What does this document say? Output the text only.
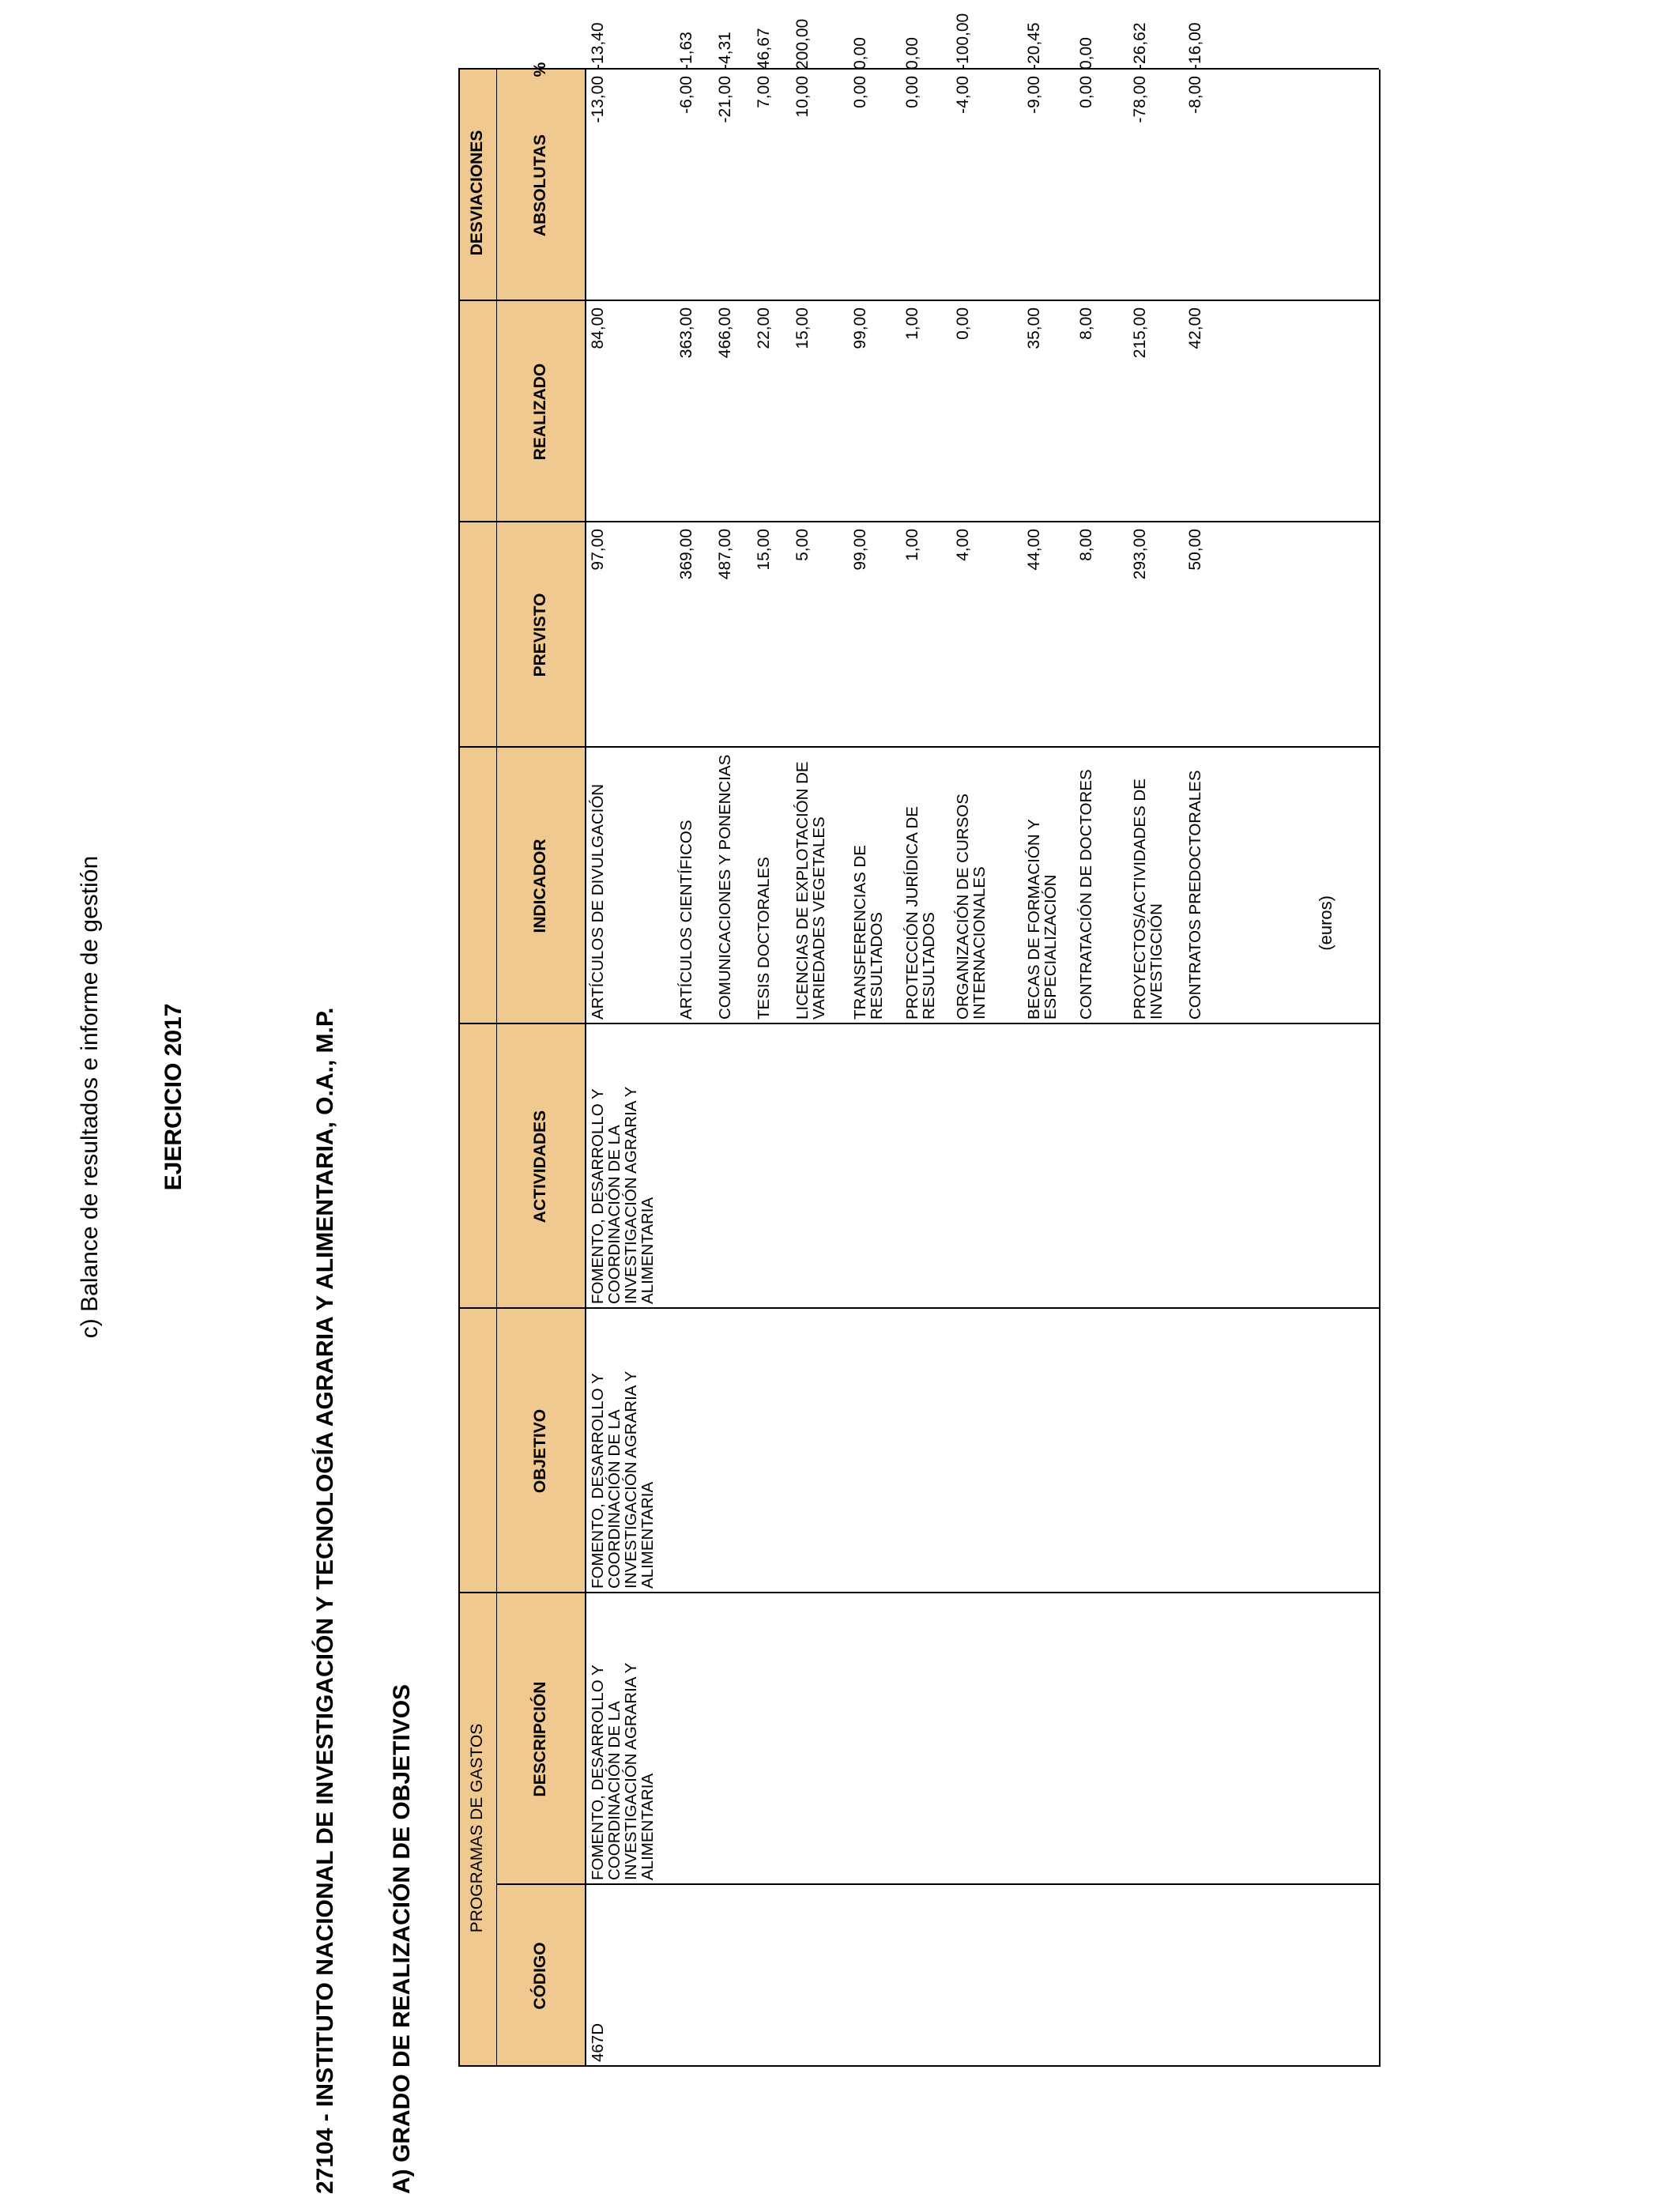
c) Balance de resultados e informe de gestión EJERCICIO 2017	27104 - INSTITUTO NACIONAL DE INVESTIGACIÓN Y TECNOLOGÍA AGRARIA Y ALIMENTARIA, O.A., M.P. A) GRADO DE REALIZACIÓN DE OBJETIVOS
(euros)
PROGRAMAS DE GASTOS
DESVIACIONES
CÓDIGO
DESCRIPCIÓN
OBJETIVO
ACTIVIDADES
INDICADOR
PREVISTO
REALIZADO
ABSOLUTAS
467D
FOMENTO, DESARROLLO Y COORDINACIÓN DE LA INVESTIGACIÓN AGRARIA Y ALIMENTARIA
FOMENTO, DESARROLLO Y COORDINACIÓN DE LA INVESTIGACIÓN AGRARIA Y ALIMENTARIA
FOMENTO, DESARROLLO Y COORDINACIÓN DE LA INVESTIGACIÓN AGRARIA Y ALIMENTARIA
ARTÍCULOS DE DIVULGACIÓN
97,00
84,00
-13,00
-13,40
ARTÍCULOS CIENTÍFICOS
369,00
363,00
-6,00
-1,63
COMUNICACIONES Y PONENCIAS
487,00
466,00
-21,00
-4,31
TESIS DOCTORALES
15,00
22,00
7,00
46,67
LICENCIAS DE EXPLOTACIÓN DE VARIEDADES VEGETALES
5,00
15,00
10,00
200,00
TRANSFERENCIAS DE RESULTADOS
99,00
99,00
0,00
0,00
PROTECCIÓN JURÍDICA DE RESULTADOS
1,00
1,00
0,00
0,00
ORGANIZACIÓN DE CURSOS INTERNACIONALES
4,00
0,00
-4,00
-100,00
BECAS DE FORMACIÓN Y ESPECIALIZACIÓN
44,00
35,00
-9,00
-20,45
CONTRATACIÓN DE DOCTORES
8,00
8,00
0,00
0,00
PROYECTOS/ACTIVIDADES DE INVESTIGCIÓN
293,00
215,00
-78,00
-26,62
CONTRATOS PREDOCTORALES
50,00
42,00
-8,00
-16,00
